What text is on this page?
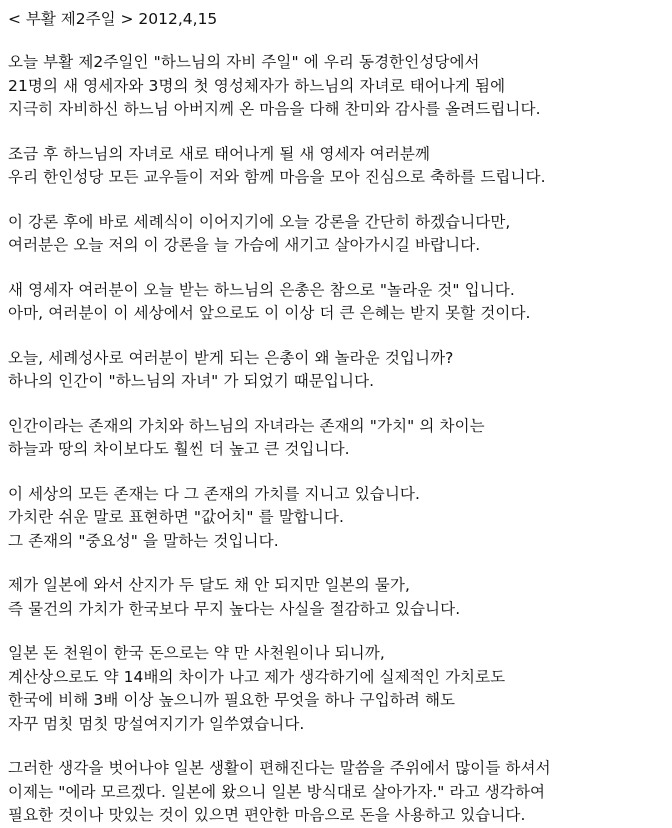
< 부활 제2주일 > 2012,4,15
오늘 부활 제2주일인 "하느님의 자비 주일" 에 우리 동경한인성당에서
21명의 새 영세자와 3명의 첫 영성체자가 하느님의 자녀로 태어나게 됨에
지극히 자비하신 하느님 아버지께 온 마음을 다해 찬미와 감사를 올려드립니다.
조금 후 하느님의 자녀로 새로 태어나게 될 새 영세자 여러분께
우리 한인성당 모든 교우들이 저와 함께 마음을 모아 진심으로 축하를 드립니다.
이 강론 후에 바로 세례식이 이어지기에 오늘 강론을 간단히 하겠습니다만,
여러분은 오늘 저의 이 강론을 늘 가슴에 새기고 살아가시길 바랍니다.
새 영세자 여러분이 오늘 받는 하느님의 은총은 참으로 "놀라운 것" 입니다.
아마, 여러분이 이 세상에서 앞으로도 이 이상 더 큰 은혜는 받지 못할 것이다.
오늘, 세례성사로 여러분이 받게 되는 은총이 왜 놀라운 것입니까?
하나의 인간이 "하느님의 자녀" 가 되었기 때문입니다.
인간이라는 존재의 가치와 하느님의 자녀라는 존재의 "가치" 의 차이는
하늘과 땅의 차이보다도 훨씬 더 높고 큰 것입니다.
이 세상의 모든 존재는 다 그 존재의 가치를 지니고 있습니다.
가치란 쉬운 말로 표현하면 "값어치" 를 말합니다.
그 존재의 "중요성" 을 말하는 것입니다.
제가 일본에 와서 산지가 두 달도 채 안 되지만 일본의 물가,
즉 물건의 가치가 한국보다 무지 높다는 사실을 절감하고 있습니다.
일본 돈 천원이 한국 돈으로는 약 만 사천원이나 되니까,
계산상으로도 약 14배의 차이가 나고 제가 생각하기에 실제적인 가치로도
한국에 비해 3배 이상 높으니까 필요한 무엇을 하나 구입하려 해도
자꾸 멈칫 멈칫 망설여지기가 일쑤였습니다.
그러한 생각을 벗어나야 일본 생활이 편해진다는 말씀을 주위에서 많이들 하셔서
이제는 "에라 모르겠다. 일본에 왔으니 일본 방식대로 살아가자." 라고 생각하여
필요한 것이나 맛있는 것이 있으면 편안한 마음으로 돈을 사용하고 있습니다.
